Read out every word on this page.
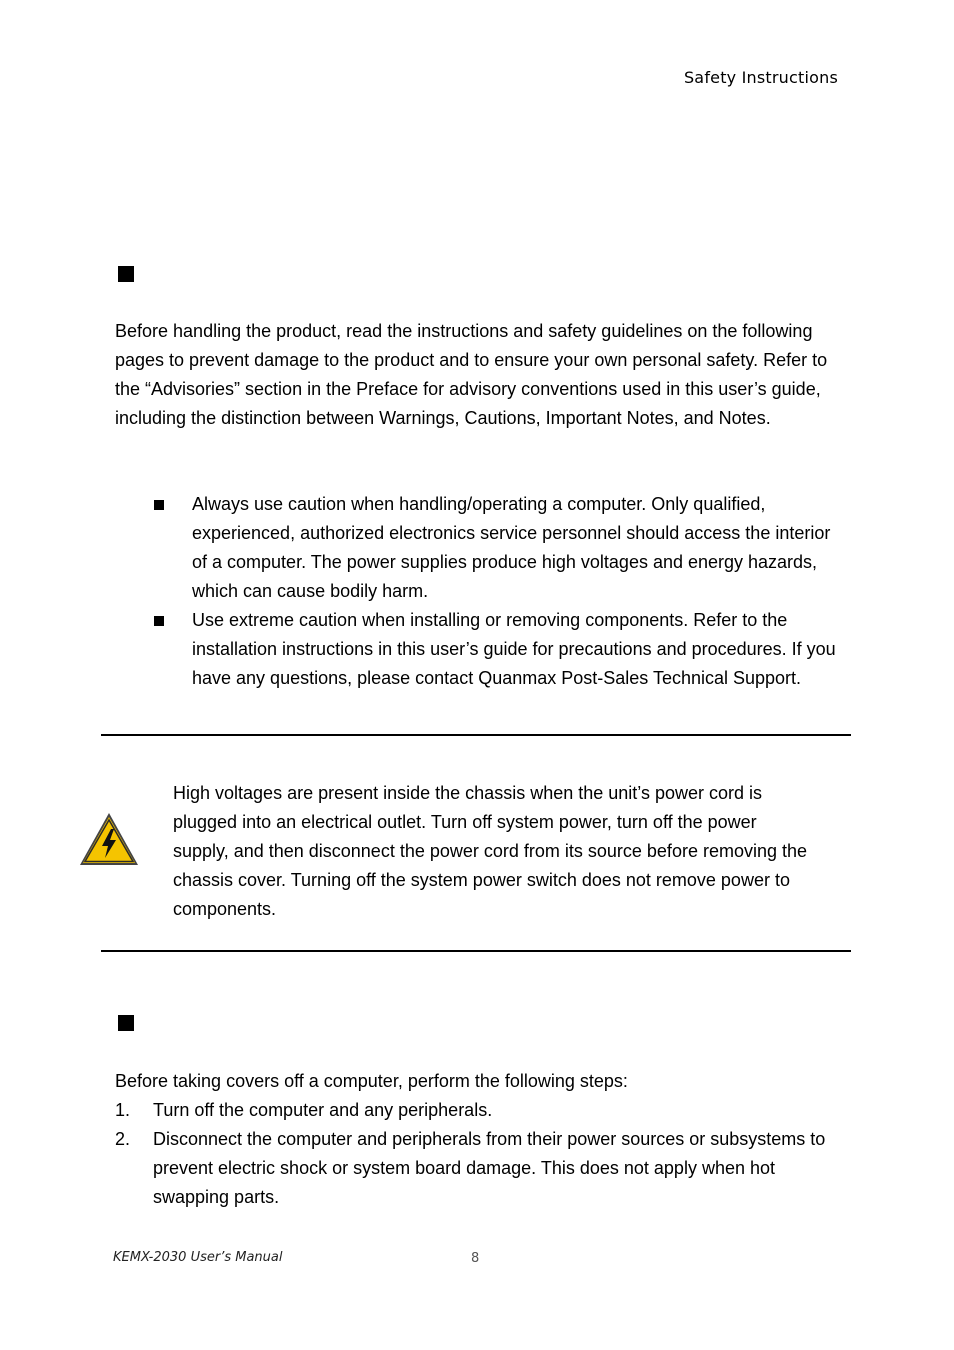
Safety Instructions

Before handling the product, read the instructions and safety guidelines on the following pages to prevent damage to the product and to ensure your own personal safety. Refer to the “Advisories” section in the Preface for advisory conventions used in this user’s guide, including the distinction between Warnings, Cautions, Important Notes, and Notes.

Always use caution when handling/operating a computer. Only qualified, experienced, authorized electronics service personnel should access the interior of a computer. The power supplies produce high voltages and energy hazards, which can cause bodily harm.
Use extreme caution when installing or removing components. Refer to the installation instructions in this user’s guide for precautions and procedures. If you have any questions, please contact Quanmax Post-Sales Technical Support.

High voltages are present inside the chassis when the unit’s power cord is plugged into an electrical outlet. Turn off system power, turn off the power supply, and then disconnect the power cord from its source before removing the chassis cover. Turning off the system power switch does not remove power to components.

Before taking covers off a computer, perform the following steps:

1. Turn off the computer and any peripherals.
2. Disconnect the computer and peripherals from their power sources or subsystems to prevent electric shock or system board damage. This does not apply when hot swapping parts.
KEMX-2030 User’s Manual	8
